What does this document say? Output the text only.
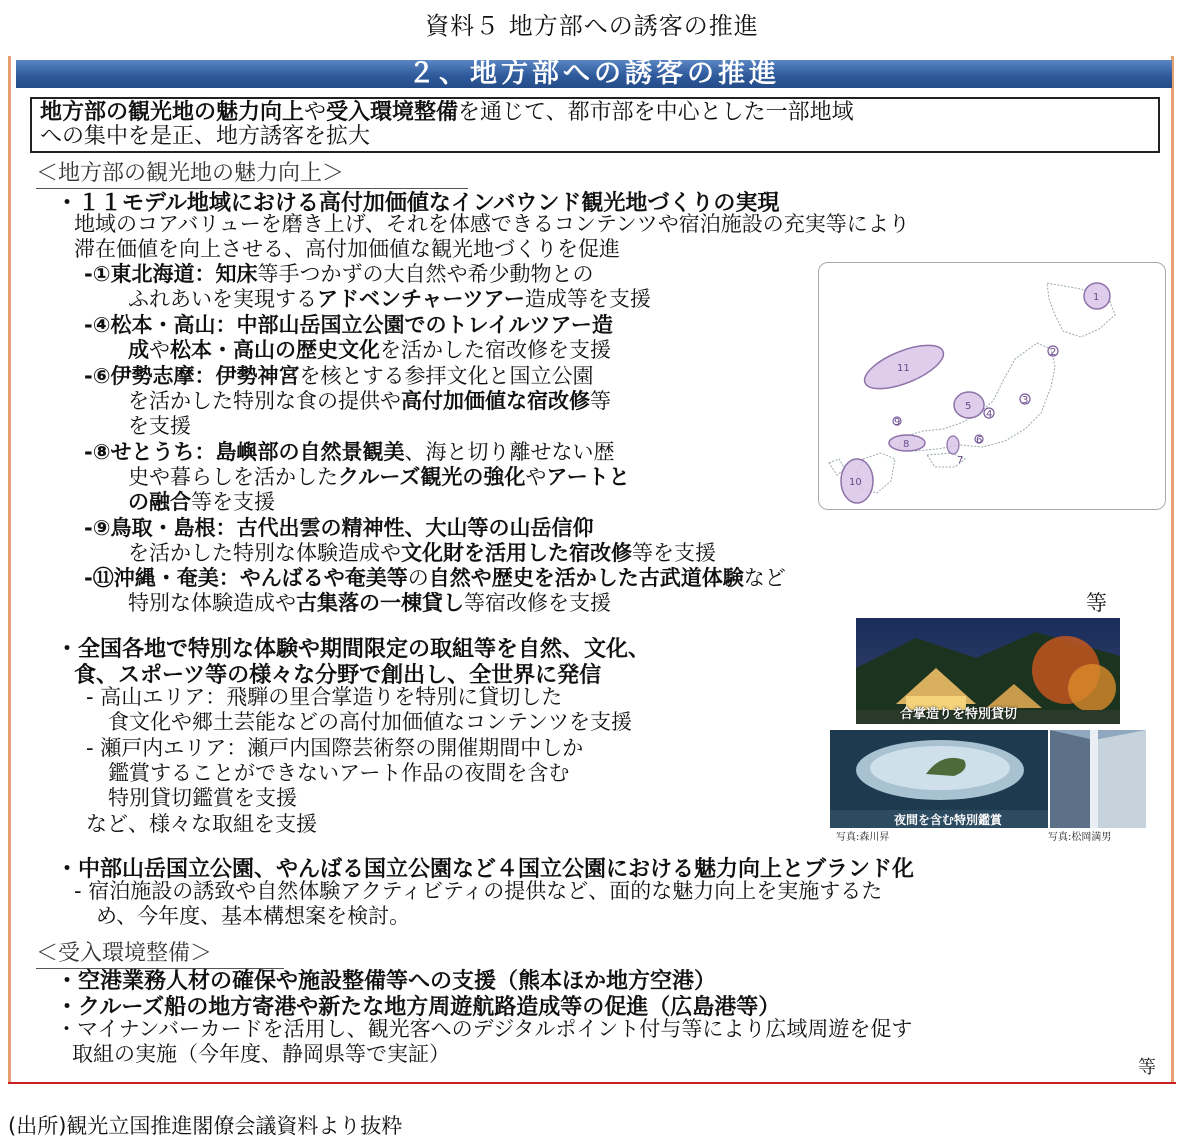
資料５ 地方部への誘客の推進
２、地方部への誘客の推進
地方部の観光地の魅力向上や受入環境整備を通じて、都市部を中心とした一部地域
への集中を是正、地方誘客を拡大
＜地方部の観光地の魅力向上＞
・１１モデル地域における高付加価値なインバウンド観光地づくりの実現
地域のコアバリューを磨き上げ、それを体感できるコンテンツや宿泊施設の充実等により
滞在価値を向上させる、高付加価値な観光地づくりを促進
-①東北海道：知床等手つかずの大自然や希少動物との
ふれあいを実現するアドベンチャーツアー造成等を支援
-④松本・高山：中部山岳国立公園でのトレイルツアー造
成や松本・高山の歴史文化を活かした宿改修を支援
-⑥伊勢志摩：伊勢神宮を核とする参拝文化と国立公園
を活かした特別な食の提供や高付加価値な宿改修等
を支援
-⑧せとうち：島嶼部の自然景観美、海と切り離せない歴
史や暮らしを活かしたクルーズ観光の強化やアートと
の融合等を支援
-⑨鳥取・島根：古代出雲の精神性、大山等の山岳信仰
を活かした特別な体験造成や文化財を活用した宿改修等を支援
-⑪沖縄・奄美：やんばるや奄美等の自然や歴史を活かした古武道体験など
特別な体験造成や古集落の一棟貸し等宿改修を支援	等
1
2
3
4
5
6
7
8
9
10
11
・全国各地で特別な体験や期間限定の取組等を自然、文化、
食、スポーツ等の様々な分野で創出し、全世界に発信
- 高山エリア：飛騨の里合掌造りを特別に貸切した
食文化や郷土芸能などの高付加価値なコンテンツを支援
- 瀬戸内エリア：瀬戸内国際芸術祭の開催期間中しか
鑑賞することができないアート作品の夜間を含む
特別貸切鑑賞を支援
など、様々な取組を支援
合掌造りを特別貸切
夜間を含む特別鑑賞
写真:森川昇	写真:松岡満男
・中部山岳国立公園、やんばる国立公園など４国立公園における魅力向上とブランド化
- 宿泊施設の誘致や自然体験アクティビティの提供など、面的な魅力向上を実施するた
め、今年度、基本構想案を検討。
＜受入環境整備＞
・空港業務人材の確保や施設整備等への支援（熊本ほか地方空港）
・クルーズ船の地方寄港や新たな地方周遊航路造成等の促進（広島港等）
・マイナンバーカードを活用し、観光客へのデジタルポイント付与等により広域周遊を促す
取組の実施（今年度、静岡県等で実証）
等
(出所)観光立国推進閣僚会議資料より抜粋
